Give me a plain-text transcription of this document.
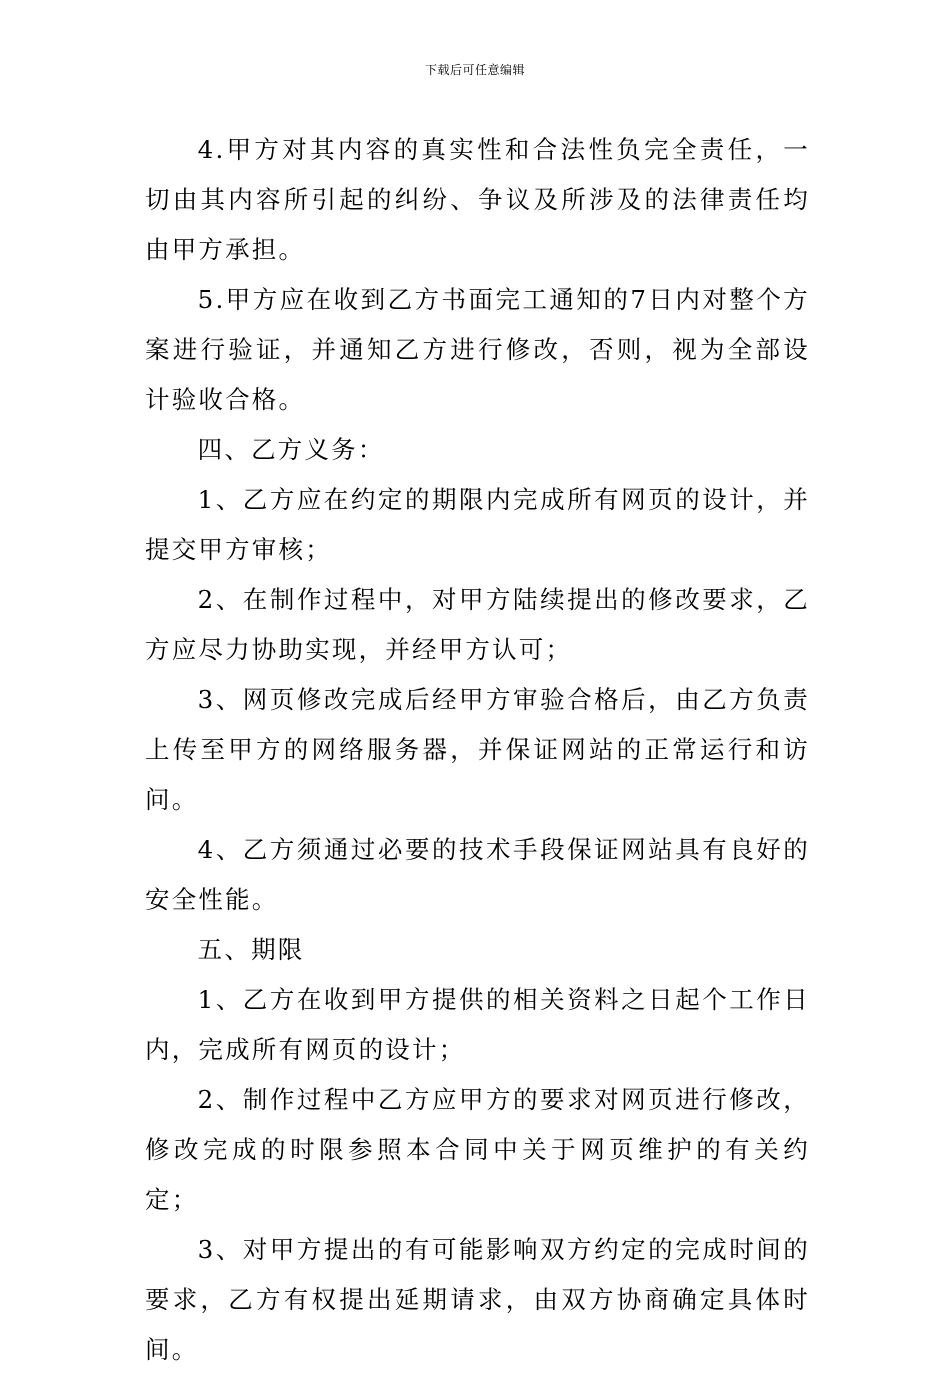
下载后可任意编辑

4.甲方对其内容的真实性和合法性负完全责任，一切由其内容所引起的纠纷、争议及所涉及的法律责任均由甲方承担。

5.甲方应在收到乙方书面完工通知的7日内对整个方案进行验证，并通知乙方进行修改，否则，视为全部设计验收合格。

四、乙方义务：

1、乙方应在约定的期限内完成所有网页的设计，并提交甲方审核；

2、在制作过程中，对甲方陆续提出的修改要求，乙方应尽力协助实现，并经甲方认可；

3、网页修改完成后经甲方审验合格后，由乙方负责上传至甲方的网络服务器，并保证网站的正常运行和访问。

4、乙方须通过必要的技术手段保证网站具有良好的安全性能。

五、期限

1、乙方在收到甲方提供的相关资料之日起个工作日内，完成所有网页的设计；

2、制作过程中乙方应甲方的要求对网页进行修改，修改完成的时限参照本合同中关于网页维护的有关约定；

3、对甲方提出的有可能影响双方约定的完成时间的要求，乙方有权提出延期请求，由双方协商确定具体时间。
